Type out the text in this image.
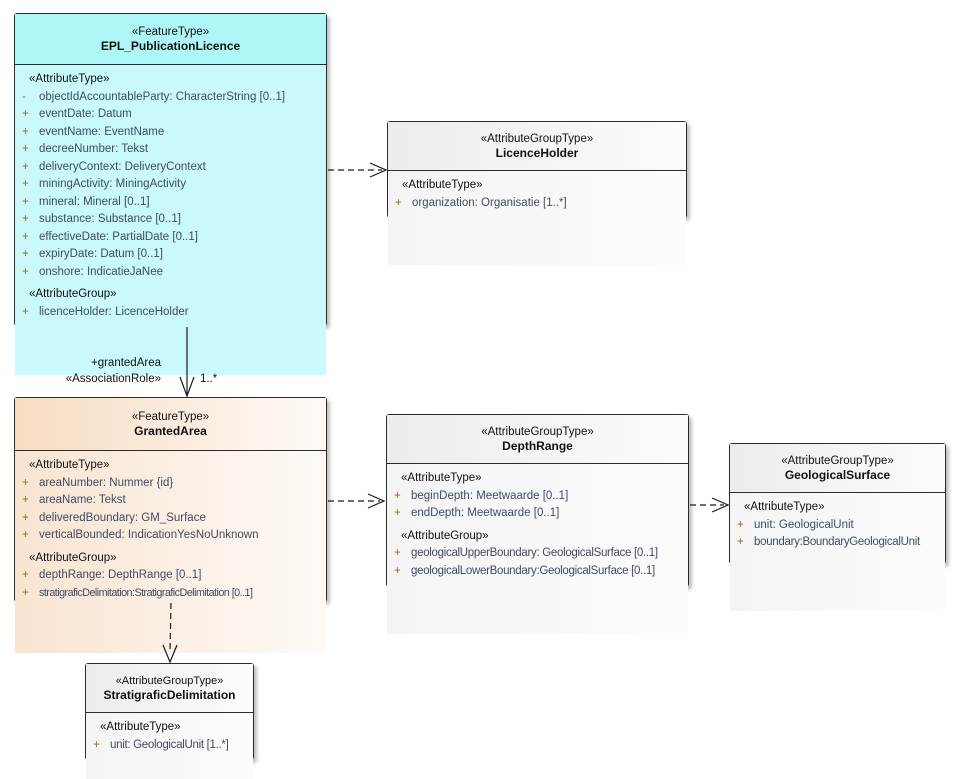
«FeatureType»
EPL_PublicationLicence
«AttributeType»
-	objectIdAccountableParty: CharacterString [0..1]
+ eventDate: Datum
+ eventName: EventName
+ decreeNumber: Tekst
+ deliveryContext: DeliveryContext
+ miningActivity: MiningActivity
+ mineral: Mineral [0..1]
+ substance: Substance [0..1]
+ effectiveDate: PartialDate [0..1]
+ expiryDate: Datum [0..1]
+ onshore: IndicatieJaNee
«AttributeGroup»
+ licenceHolder: LicenceHolder
«AttributeGroupType»
LicenceHolder
«AttributeType»
+ organization: Organisatie [1..*]
«FeatureType»
GrantedArea
«AttributeType»
+ areaNumber: Nummer {id}
+ areaName: Tekst
+ deliveredBoundary: GM_Surface
+ verticalBounded: IndicationYesNoUnknown
«AttributeGroup»
+ depthRange: DepthRange [0..1]
+ stratigraficDelimitation:StratigraficDelimitation [0..1]
«AttributeGroupType»
DepthRange
«AttributeType»
+ beginDepth: Meetwaarde [0..1]
+ endDepth: Meetwaarde [0..1]
«AttributeGroup»
+ geologicalUpperBoundary: GeologicalSurface [0..1]
+ geologicalLowerBoundary:GeologicalSurface [0..1]
«AttributeGroupType»
GeologicalSurface
«AttributeType»
+ unit: GeologicalUnit
+ boundary:BoundaryGeologicalUnit
«AttributeGroupType»
StratigraficDelimitation
«AttributeType»
+ unit: GeologicalUnit [1..*]
+grantedArea
«AssociationRole»	1..*
